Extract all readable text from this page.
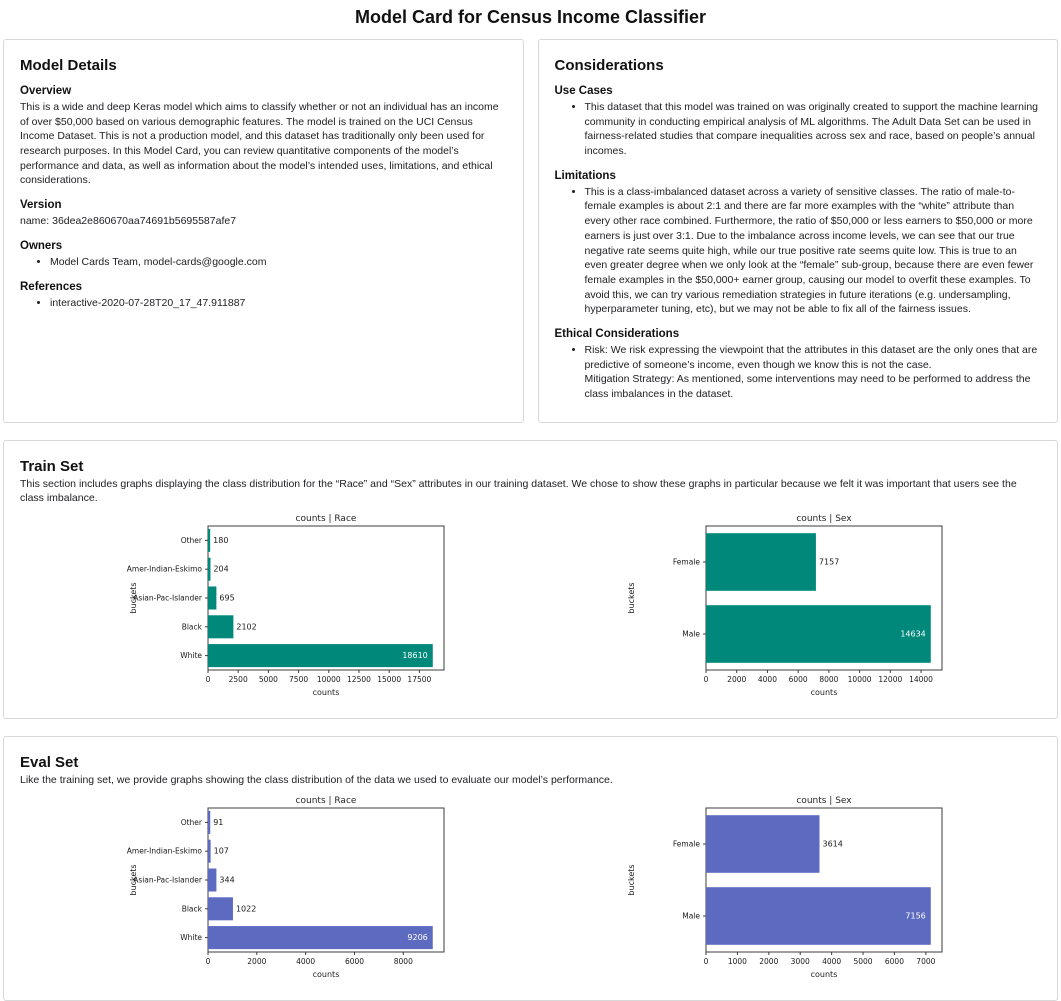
Model Card for Census Income Classifier
Model Details
Overview

This is a wide and deep Keras model which aims to classify whether or not an individual has an income of over $50,000 based on various demographic features. The model is trained on the UCI Census Income Dataset. This is not a production model, and this dataset has traditionally only been used for research purposes. In this Model Card, you can review quantitative components of the model’s performance and data, as well as information about the model’s intended uses, limitations, and ethical considerations.

Version

name: 36dea2e860670aa74691b5695587afe7

Owners
• Model Cards Team, model-cards@google.com
References
• interactive-2020-07-28T20_17_47.911887
Considerations
Use Cases
• This dataset that this model was trained on was originally created to support the machine learning community in conducting empirical analysis of ML algorithms. The Adult Data Set can be used in fairness-related studies that compare inequalities across sex and race, based on people’s annual incomes.
Limitations
• This is a class-imbalanced dataset across a variety of sensitive classes. The ratio of male-to-female examples is about 2:1 and there are far more examples with the “white” attribute than every other race combined. Furthermore, the ratio of $50,000 or less earners to $50,000 or more earners is just over 3:1. Due to the imbalance across income levels, we can see that our true negative rate seems quite high, while our true positive rate seems quite low. This is true to an even greater degree when we only look at the “female” sub-group, because there are even fewer female examples in the $50,000+ earner group, causing our model to overfit these examples. To avoid this, we can try various remediation strategies in future iterations (e.g. undersampling, hyperparameter tuning, etc), but we may not be able to fix all of the fairness issues.
Ethical Considerations
• Risk: We risk expressing the viewpoint that the attributes in this dataset are the only ones that are predictive of someone’s income, even though we know this is not the case.
Mitigation Strategy: As mentioned, some interventions may need to be performed to address the class imbalances in the dataset.
Train Set

This section includes graphs displaying the class distribution for the “Race” and “Sex” attributes in our training dataset. We chose to show these graphs in particular because we felt it was important that users see the class imbalance.

counts | Race
180
Other
204
Amer-Indian-Eskimo
695
Asian-Pac-Islander
2102
Black
18610
White
0 2500 5000 7500 10000 12500 15000 17500
counts
buckets
counts | Sex
7157
Female
14634
Male
0	2000 4000 6000 8000 10000 12000 14000
counts
buckets
Eval Set

Like the training set, we provide graphs showing the class distribution of the data we used to evaluate our model’s performance.

counts | Race
91
Other
107
Amer-Indian-Eskimo
344
Asian-Pac-Islander
1022
Black
9206
White
0	2000	4000	6000	8000
counts
buckets
counts | Sex
3614
Female
7156
Male
0	1000 2000 3000 4000 5000 6000 7000
counts
buckets
